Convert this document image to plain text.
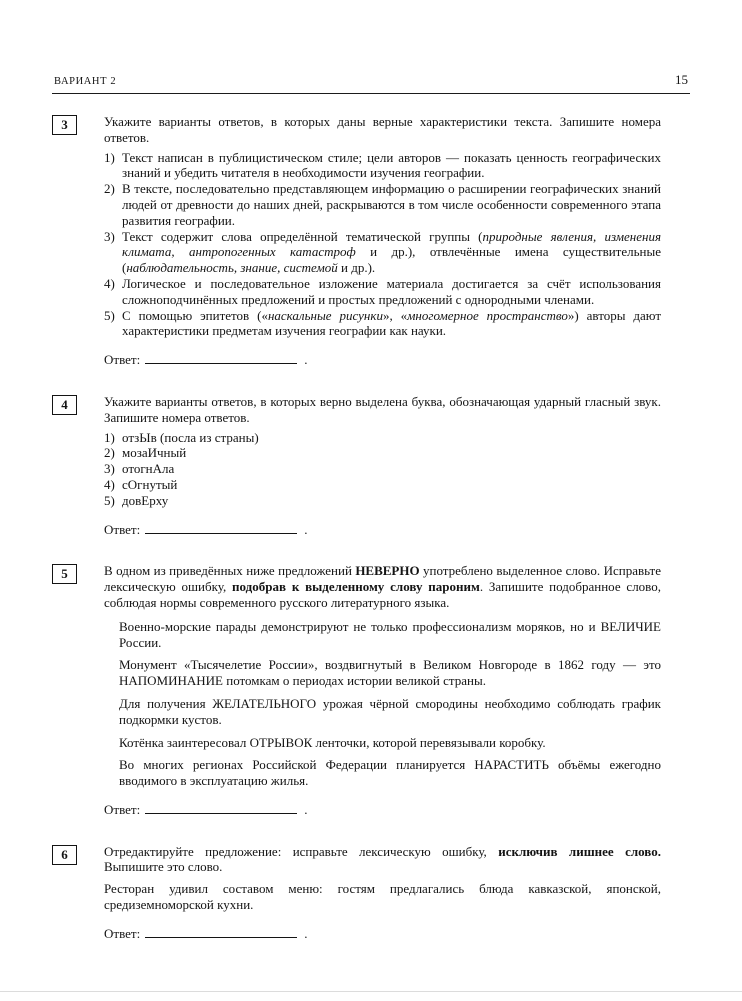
ВАРИАНТ 2	15
3	Укажите варианты ответов, в которых даны верные характеристики текста. Запишите номера ответов.

1) Текст написан в публицистическом стиле; цели авторов — показать ценность географических знаний и убедить читателя в необходимости изучения географии.
2) В тексте, последовательно представляющем информацию о расширении географических знаний людей от древности до наших дней, раскрываются в том числе особенности современного этапа развития географии.
3) Текст содержит слова определённой тематической группы (природные явления, изменения климата, антропогенных катастроф и др.), отвлечённые имена существительные (наблюдательность, знание, системой и др.).
4) Логическое и последовательное изложение материала достигается за счёт использования сложноподчинённых предложений и простых предложений с однородными членами.
5) С помощью эпитетов («наскальные рисунки», «многомерное пространство») авторы дают характеристики предметам изучения географии как науки.

Ответ:	.

4	Укажите варианты ответов, в которых верно выделена буква, обозначающая ударный гласный звук. Запишите номера ответов.

1) отзЫв (посла из страны)
2) мозаИчный
3) отогнАла
4) сОгнутый
5) довЕрху

Ответ:	.

5	В одном из приведённых ниже предложений НЕВЕРНО употреблено выделенное слово. Исправьте лексическую ошибку, подобрав к выделенному слову пароним. Запишите подобранное слово, соблюдая нормы современного русского литературного языка.

Военно-морские парады демонстрируют не только профессионализм моряков, но и ВЕЛИЧИЕ России.

Монумент «Тысячелетие России», воздвигнутый в Великом Новгороде в 1862 году — это НАПОМИНАНИЕ потомкам о периодах истории великой страны.

Для получения ЖЕЛАТЕЛЬНОГО урожая чёрной смородины необходимо соблюдать график подкормки кустов.

Котёнка заинтересовал ОТРЫВОК ленточки, которой перевязывали коробку.

Во многих регионах Российской Федерации планируется НАРАСТИТЬ объёмы ежегодно вводимого в эксплуатацию жилья.

Ответ:	.

6	Отредактируйте предложение: исправьте лексическую ошибку, исключив лишнее слово. Выпишите это слово.

Ресторан удивил составом меню: гостям предлагались блюда кавказской, японской, средиземноморской кухни.

Ответ:	.
